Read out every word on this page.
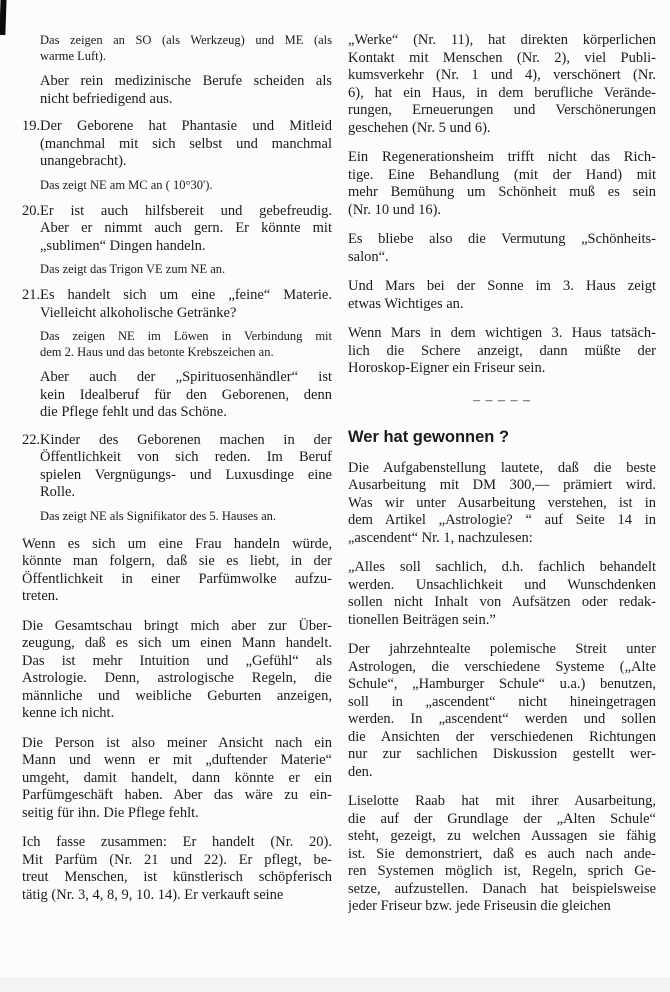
Das zeigen an SO (als Werkzeug) und ME (als
warme Luft).
Aber rein medizinische Berufe scheiden als
nicht befriedigend aus.
19. Der Geborene hat Phantasie und Mitleid
(manchmal mit sich selbst und manchmal
unangebracht).
Das zeigt NE am MC an ( 10°30').
20. Er ist auch hilfsbereit und gebefreudig.
Aber er nimmt auch gern. Er könnte mit
„sublimen“ Dingen handeln.
Das zeigt das Trigon VE zum NE an.
21. Es handelt sich um eine „feine“ Materie.
Vielleicht alkoholische Getränke?
Das zeigen NE im Löwen in Verbindung mit
dem 2. Haus und das betonte Krebszeichen an.
Aber auch der „Spirituosenhändler“ ist
kein Idealberuf für den Geborenen, denn
die Pflege fehlt und das Schöne.
22. Kinder des Geborenen machen in der
Öffentlichkeit von sich reden. Im Beruf
spielen Vergnügungs- und Luxusdinge eine
Rolle.
Das zeigt NE als Signifikator des 5. Hauses an.
Wenn es sich um eine Frau handeln würde,
könnte man folgern, daß sie es liebt, in der
Öffentlichkeit in einer Parfümwolke aufzu-
treten.
Die Gesamtschau bringt mich aber zur Über-
zeugung, daß es sich um einen Mann handelt.
Das ist mehr Intuition und „Gefühl“ als
Astrologie. Denn, astrologische Regeln, die
männliche und weibliche Geburten anzeigen,
kenne ich nicht.
Die Person ist also meiner Ansicht nach ein
Mann und wenn er mit „duftender Materie“
umgeht, damit handelt, dann könnte er ein
Parfümgeschäft haben. Aber das wäre zu ein-
seitig für ihn. Die Pflege fehlt.
Ich fasse zusammen: Er handelt (Nr. 20).
Mit Parfüm (Nr. 21 und 22). Er pflegt, be-
treut Menschen, ist künstlerisch schöpferisch
tätig (Nr. 3, 4, 8, 9, 10. 14). Er verkauft seine
„Werke“ (Nr. 11), hat direkten körperlichen
Kontakt mit Menschen (Nr. 2), viel Publi-
kumsverkehr (Nr. 1 und 4), verschönert (Nr.
6), hat ein Haus, in dem berufliche Verände-
rungen, Erneuerungen und Verschönerungen
geschehen (Nr. 5 und 6).
Ein Regenerationsheim trifft nicht das Rich-
tige. Eine Behandlung (mit der Hand) mit
mehr Bemühung um Schönheit muß es sein
(Nr. 10 und 16).
Es bliebe also die Vermutung „Schönheits-
salon“.
Und Mars bei der Sonne im 3. Haus zeigt
etwas Wichtiges an.
Wenn Mars in dem wichtigen 3. Haus tatsäch-
lich die Schere anzeigt, dann müßte der
Horoskop-Eigner ein Friseur sein.
– – – – –
Wer hat gewonnen ?
Die Aufgabenstellung lautete, daß die beste
Ausarbeitung mit DM 300,— prämiert wird.
Was wir unter Ausarbeitung verstehen, ist in
dem Artikel „Astrologie? “ auf Seite 14 in
„ascendent“ Nr. 1, nachzulesen:
„Alles soll sachlich, d.h. fachlich behandelt
werden. Unsachlichkeit und Wunschdenken
sollen nicht Inhalt von Aufsätzen oder redak-
tionellen Beiträgen sein.”
Der jahrzehntealte polemische Streit unter
Astrologen, die verschiedene Systeme („Alte
Schule“, „Hamburger Schule“ u.a.) benutzen,
soll in „ascendent“ nicht hineingetragen
werden. In „ascendent“ werden und sollen
die Ansichten der verschiedenen Richtungen
nur zur sachlichen Diskussion gestellt wer-
den.
Liselotte Raab hat mit ihrer Ausarbeitung,
die auf der Grundlage der „Alten Schule“
steht, gezeigt, zu welchen Aussagen sie fähig
ist. Sie demonstriert, daß es auch nach ande-
ren Systemen möglich ist, Regeln, sprich Ge-
setze, aufzustellen. Danach hat beispielsweise
jeder Friseur bzw. jede Friseusin die gleichen
